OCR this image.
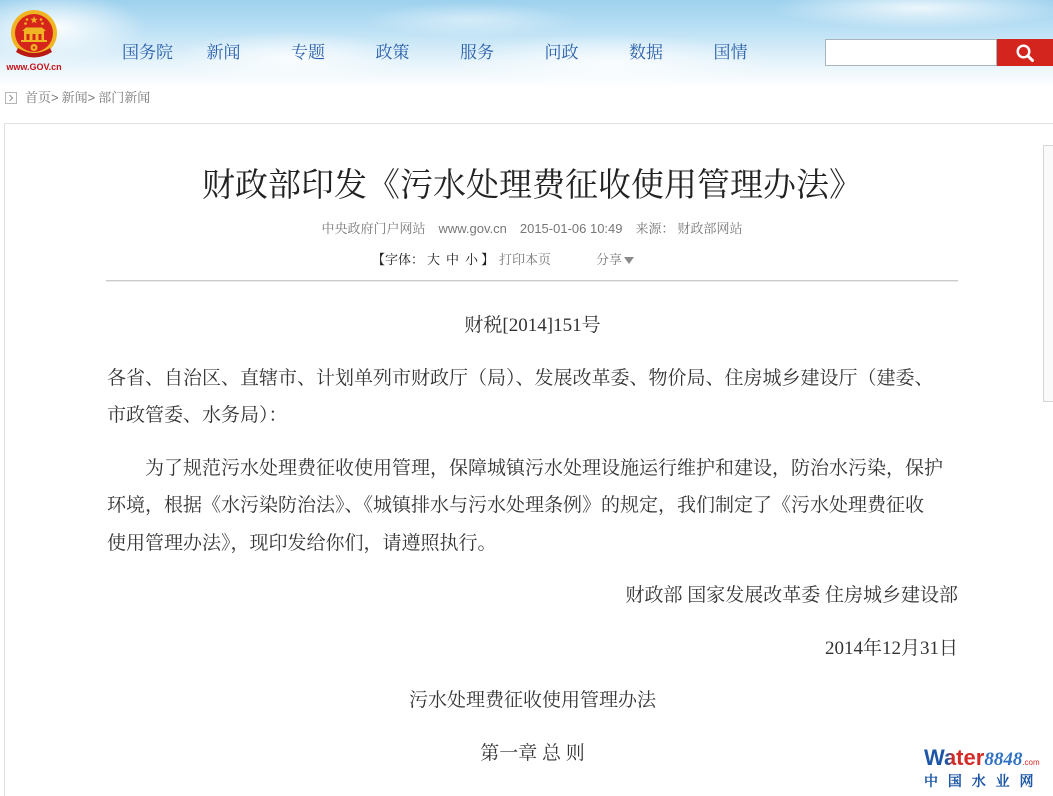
www.GOV.cn
国务院	新闻	专题	政策	服务	问政	数据	国情
首页 > 新闻 > 部门新闻
财政部印发《污水处理费征收使用管理办法》
中央政府门户网站 www.gov.cn 2015-01-06 10:49 来源： 财政部网站
【字体： 大 中 小 】 打印本页	分享

财税[2014]151号

各省、自治区、直辖市、计划单列市财政厅（局）、发展改革委、物价局、住房城乡建设厅（建委、
市政管委、水务局）：

为了规范污水处理费征收使用管理，保障城镇污水处理设施运行维护和建设，防治水污染，保护
环境，根据《水污染防治法》、《城镇排水与污水处理条例》的规定，我们制定了《污水处理费征收
使用管理办法》，现印发给你们，请遵照执行。

财政部 国家发展改革委 住房城乡建设部

2014年12月31日

污水处理费征收使用管理办法

第一章 总 则	Water8848.com
中 国 水 业 网
